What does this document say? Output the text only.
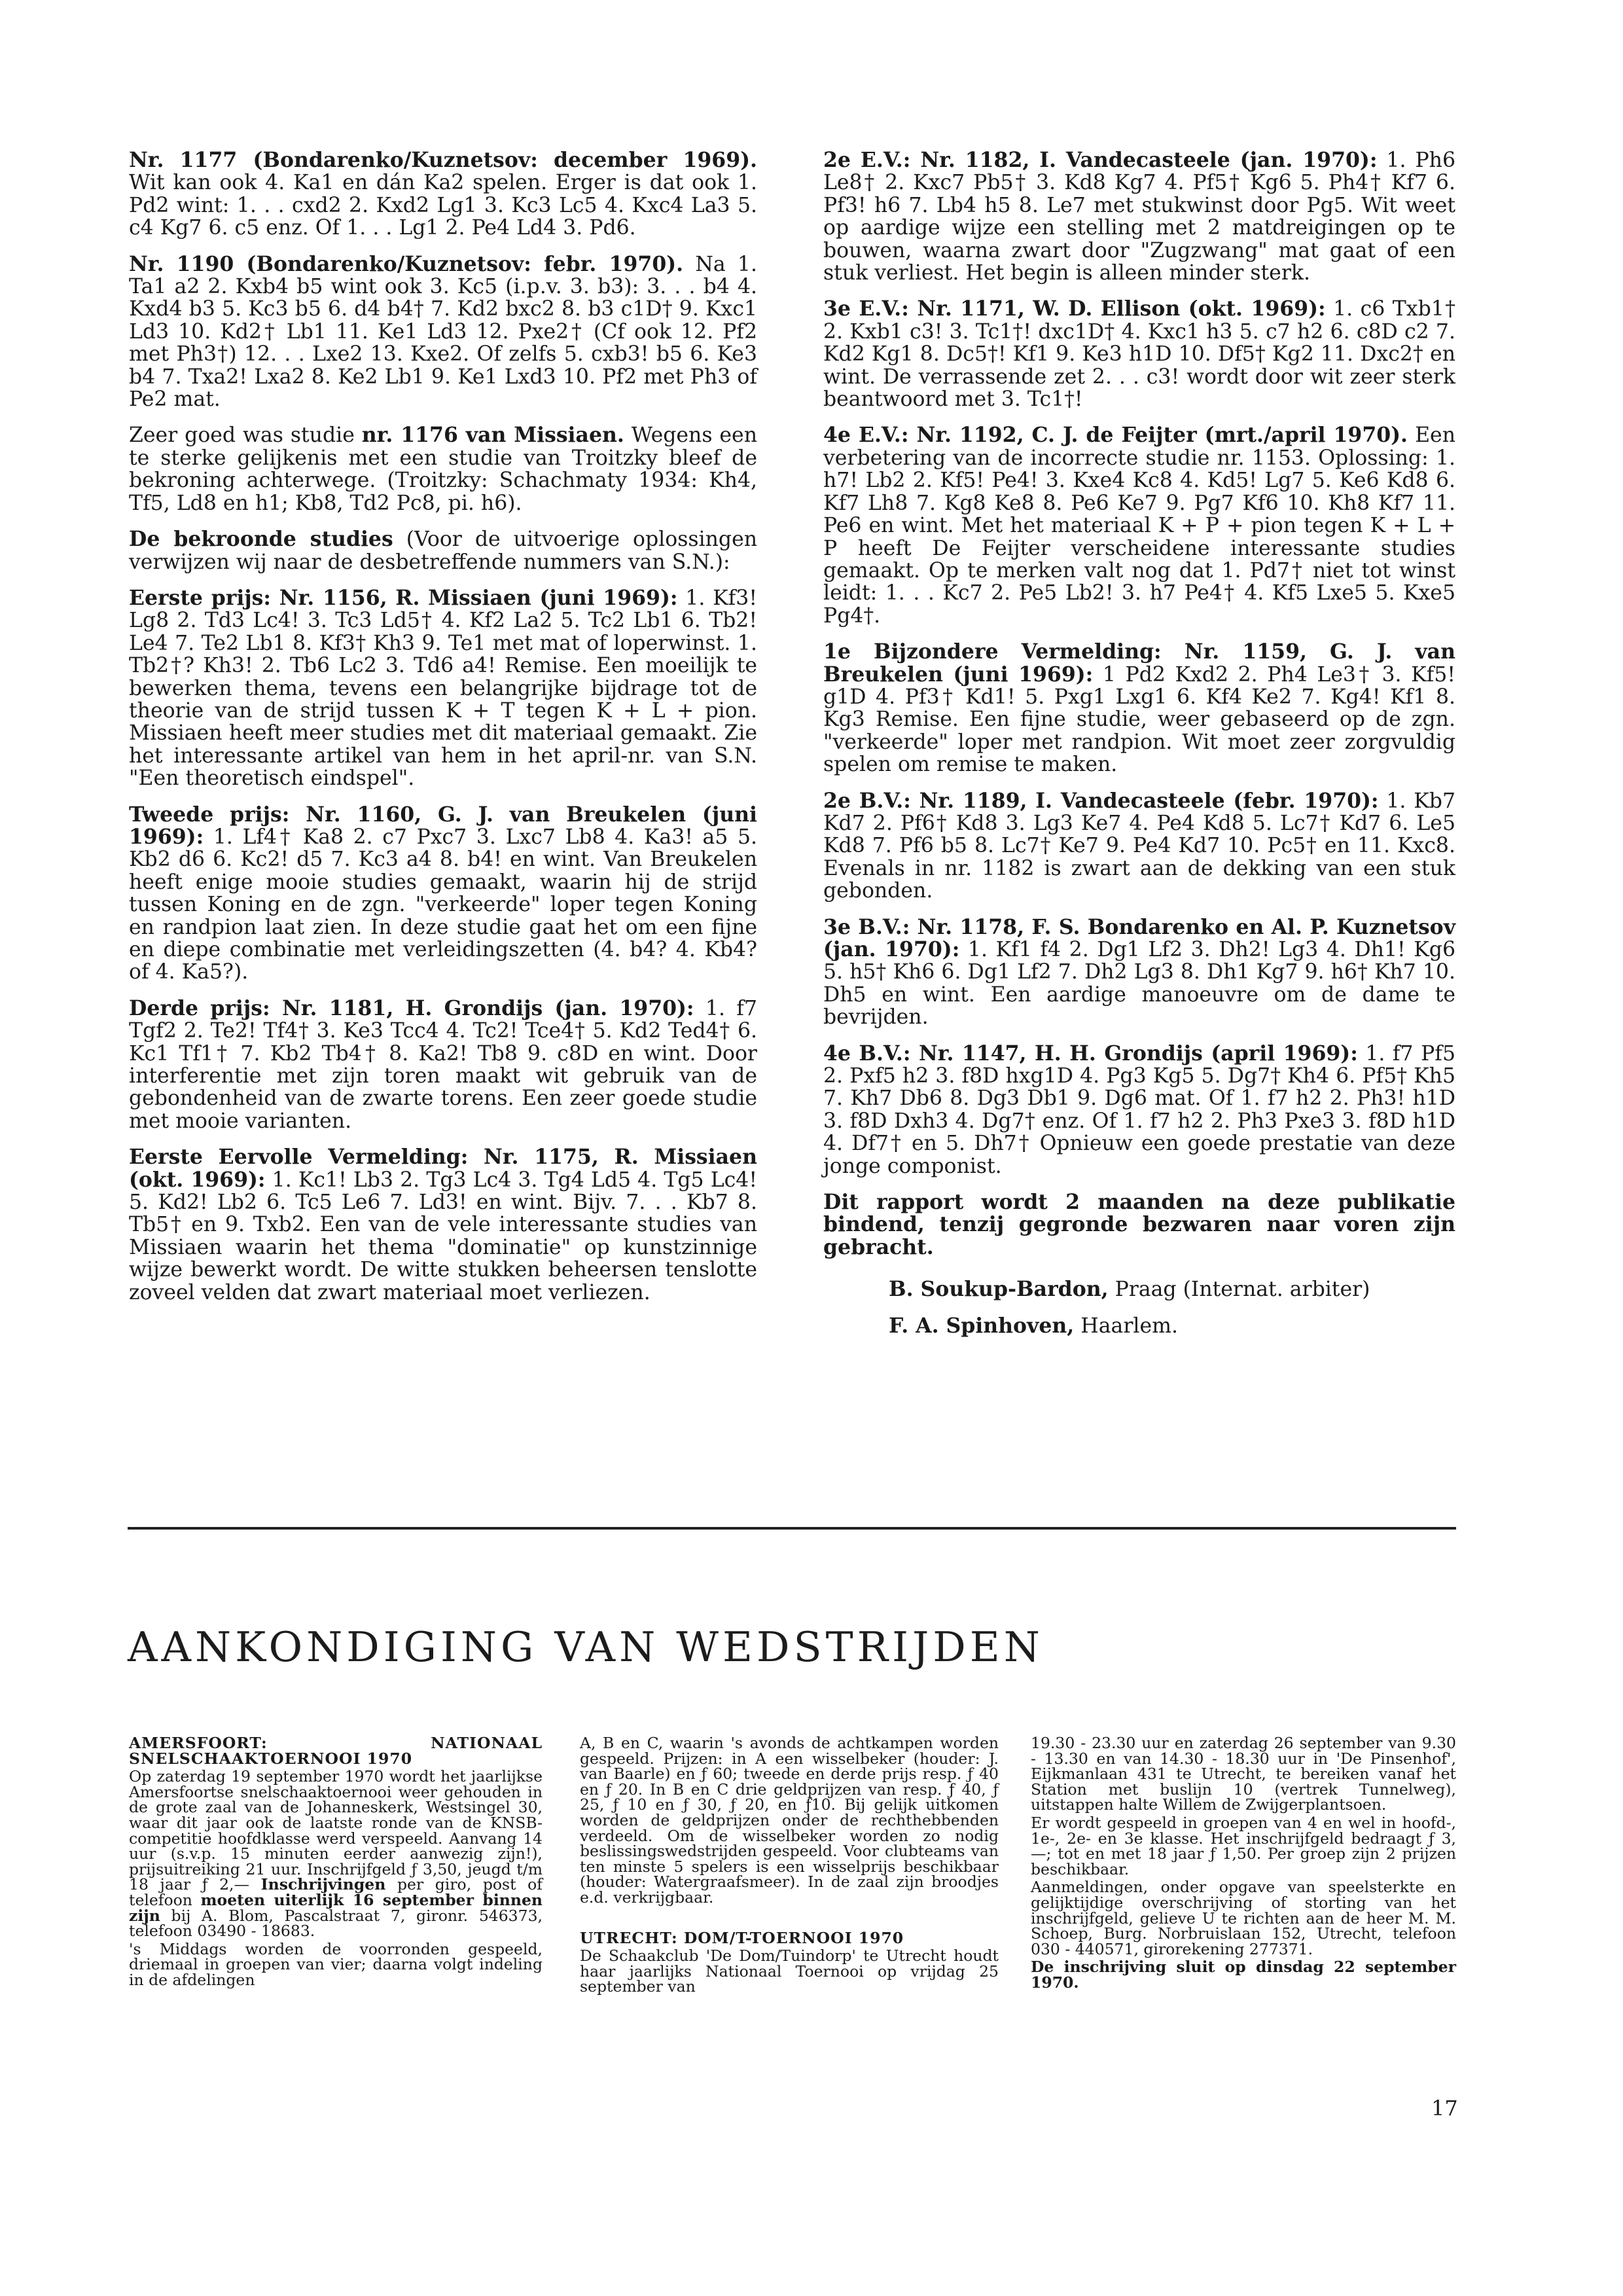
Nr. 1177 (Bondarenko/Kuznetsov: december 1969). Wit kan ook 4. Ka1 en dán Ka2 spelen. Erger is dat ook 1. Pd2 wint: 1. . . cxd2 2. Kxd2 Lg1 3. Kc3 Lc5 4. Kxc4 La3 5. c4 Kg7 6. c5 enz. Of 1. . . Lg1 2. Pe4 Ld4 3. Pd6.

Nr. 1190 (Bondarenko/Kuznetsov: febr. 1970). Na 1. Ta1 a2 2. Kxb4 b5 wint ook 3. Kc5 (i.p.v. 3. b3): 3. . . b4 4. Kxd4 b3 5. Kc3 b5 6. d4 b4† 7. Kd2 bxc2 8. b3 c1D† 9. Kxc1 Ld3 10. Kd2† Lb1 11. Ke1 Ld3 12. Pxe2† (Cf ook 12. Pf2 met Ph3†) 12. . . Lxe2 13. Kxe2. Of zelfs 5. cxb3! b5 6. Ke3 b4 7. Txa2! Lxa2 8. Ke2 Lb1 9. Ke1 Lxd3 10. Pf2 met Ph3 of Pe2 mat.

Zeer goed was studie nr. 1176 van Missiaen. Wegens een te sterke gelijkenis met een studie van Troitzky bleef de bekroning achterwege. (Troitzky: Schachmaty 1934: Kh4, Tf5, Ld8 en h1; Kb8, Td2 Pc8, pi. h6).

De bekroonde studies (Voor de uitvoerige oplossingen verwijzen wij naar de desbetreffende nummers van S.N.):

Eerste prijs: Nr. 1156, R. Missiaen (juni 1969): 1. Kf3! Lg8 2. Td3 Lc4! 3. Tc3 Ld5† 4. Kf2 La2 5. Tc2 Lb1 6. Tb2! Le4 7. Te2 Lb1 8. Kf3† Kh3 9. Te1 met mat of loperwinst. 1. Tb2†? Kh3! 2. Tb6 Lc2 3. Td6 a4! Remise. Een moeilijk te bewerken thema, tevens een belangrijke bijdrage tot de theorie van de strijd tussen K + T tegen K + L + pion. Missiaen heeft meer studies met dit materiaal gemaakt. Zie het interessante artikel van hem in het april-nr. van S.N. "Een theoretisch eindspel".

Tweede prijs: Nr. 1160, G. J. van Breukelen (juni 1969): 1. Lf4† Ka8 2. c7 Pxc7 3. Lxc7 Lb8 4. Ka3! a5 5. Kb2 d6 6. Kc2! d5 7. Kc3 a4 8. b4! en wint. Van Breukelen heeft enige mooie studies gemaakt, waarin hij de strijd tussen Koning en de zgn. "verkeerde" loper tegen Koning en randpion laat zien. In deze studie gaat het om een fijne en diepe combinatie met verleidingszetten (4. b4? 4. Kb4? of 4. Ka5?).

Derde prijs: Nr. 1181, H. Grondijs (jan. 1970): 1. f7 Tgf2 2. Te2! Tf4† 3. Ke3 Tcc4 4. Tc2! Tce4† 5. Kd2 Ted4† 6. Kc1 Tf1† 7. Kb2 Tb4† 8. Ka2! Tb8 9. c8D en wint. Door interferentie met zijn toren maakt wit gebruik van de gebondenheid van de zwarte torens. Een zeer goede studie met mooie varianten.

Eerste Eervolle Vermelding: Nr. 1175, R. Missiaen (okt. 1969): 1. Kc1! Lb3 2. Tg3 Lc4 3. Tg4 Ld5 4. Tg5 Lc4! 5. Kd2! Lb2 6. Tc5 Le6 7. Ld3! en wint. Bijv. 7. . . Kb7 8. Tb5† en 9. Txb2. Een van de vele interessante studies van Missiaen waarin het thema "dominatie" op kunstzinnige wijze bewerkt wordt. De witte stukken beheersen tenslotte zoveel velden dat zwart materiaal moet verliezen.

2e E.V.: Nr. 1182, I. Vandecasteele (jan. 1970): 1. Ph6 Le8† 2. Kxc7 Pb5† 3. Kd8 Kg7 4. Pf5† Kg6 5. Ph4† Kf7 6. Pf3! h6 7. Lb4 h5 8. Le7 met stukwinst door Pg5. Wit weet op aardige wijze een stelling met 2 matdreigingen op te bouwen, waarna zwart door "Zugzwang" mat gaat of een stuk verliest. Het begin is alleen minder sterk.

3e E.V.: Nr. 1171, W. D. Ellison (okt. 1969): 1. c6 Txb1† 2. Kxb1 c3! 3. Tc1†! dxc1D† 4. Kxc1 h3 5. c7 h2 6. c8D c2 7. Kd2 Kg1 8. Dc5†! Kf1 9. Ke3 h1D 10. Df5† Kg2 11. Dxc2† en wint. De verrassende zet 2. . . c3! wordt door wit zeer sterk beantwoord met 3. Tc1†!

4e E.V.: Nr. 1192, C. J. de Feijter (mrt./april 1970). Een verbetering van de incorrecte studie nr. 1153. Oplossing: 1. h7! Lb2 2. Kf5! Pe4! 3. Kxe4 Kc8 4. Kd5! Lg7 5. Ke6 Kd8 6. Kf7 Lh8 7. Kg8 Ke8 8. Pe6 Ke7 9. Pg7 Kf6 10. Kh8 Kf7 11. Pe6 en wint. Met het materiaal K + P + pion tegen K + L + P heeft De Feijter verscheidene interessante studies gemaakt. Op te merken valt nog dat 1. Pd7† niet tot winst leidt: 1. . . Kc7 2. Pe5 Lb2! 3. h7 Pe4† 4. Kf5 Lxe5 5. Kxe5 Pg4†.

1e Bijzondere Vermelding: Nr. 1159, G. J. van Breukelen (juni 1969): 1 Pd2 Kxd2 2. Ph4 Le3† 3. Kf5! g1D 4. Pf3† Kd1! 5. Pxg1 Lxg1 6. Kf4 Ke2 7. Kg4! Kf1 8. Kg3 Remise. Een fijne studie, weer gebaseerd op de zgn. "verkeerde" loper met randpion. Wit moet zeer zorgvuldig spelen om remise te maken.

2e B.V.: Nr. 1189, I. Vandecasteele (febr. 1970): 1. Kb7 Kd7 2. Pf6† Kd8 3. Lg3 Ke7 4. Pe4 Kd8 5. Lc7† Kd7 6. Le5 Kd8 7. Pf6 b5 8. Lc7† Ke7 9. Pe4 Kd7 10. Pc5† en 11. Kxc8. Evenals in nr. 1182 is zwart aan de dekking van een stuk gebonden.

3e B.V.: Nr. 1178, F. S. Bondarenko en Al. P. Kuznetsov (jan. 1970): 1. Kf1 f4 2. Dg1 Lf2 3. Dh2! Lg3 4. Dh1! Kg6 5. h5† Kh6 6. Dg1 Lf2 7. Dh2 Lg3 8. Dh1 Kg7 9. h6† Kh7 10. Dh5 en wint. Een aardige manoeuvre om de dame te bevrijden.

4e B.V.: Nr. 1147, H. H. Grondijs (april 1969): 1. f7 Pf5 2. Pxf5 h2 3. f8D hxg1D 4. Pg3 Kg5 5. Dg7† Kh4 6. Pf5† Kh5 7. Kh7 Db6 8. Dg3 Db1 9. Dg6 mat. Of 1. f7 h2 2. Ph3! h1D 3. f8D Dxh3 4. Dg7† enz. Of 1. f7 h2 2. Ph3 Pxe3 3. f8D h1D 4. Df7† en 5. Dh7† Opnieuw een goede prestatie van deze jonge componist.

Dit rapport wordt 2 maanden na deze publikatie bindend, tenzij gegronde bezwaren naar voren zijn gebracht.

B. Soukup-Bardon, Praag (Internat. arbiter)

F. A. Spinhoven, Haarlem.

AANKONDIGING VAN WEDSTRIJDEN

AMERSFOORT: NATIONAAL SNELSCHAAKTOERNOOI 1970

Op zaterdag 19 september 1970 wordt het jaarlijkse Amersfoortse snelschaaktoernooi weer gehouden in de grote zaal van de Johanneskerk, Westsingel 30, waar dit jaar ook de laatste ronde van de KNSB-competitie hoofdklasse werd verspeeld. Aanvang 14 uur (s.v.p. 15 minuten eerder aanwezig zijn!), prijsuitreiking 21 uur. Inschrijfgeld ƒ 3,50, jeugd t/m 18 jaar ƒ 2,— Inschrijvingen per giro, post of telefoon moeten uiterlijk 16 september binnen zijn bij A. Blom, Pascalstraat 7, gironr. 546373, telefoon 03490 - 18683.

's Middags worden de voorronden gespeeld, driemaal in groepen van vier; daarna volgt indeling in de afdelingen

A, B en C, waarin 's avonds de achtkampen worden gespeeld. Prijzen: in A een wisselbeker (houder: J. van Baarle) en ƒ 60; tweede en derde prijs resp. ƒ 40 en ƒ 20. In B en C drie geldprijzen van resp. ƒ 40, ƒ 25, ƒ 10 en ƒ 30, ƒ 20, en ƒ10. Bij gelijk uitkomen worden de geldprijzen onder de rechthebbenden verdeeld. Om de wisselbeker worden zo nodig beslissingswedstrijden gespeeld. Voor clubteams van ten minste 5 spelers is een wisselprijs beschikbaar (houder: Watergraafsmeer). In de zaal zijn broodjes e.d. verkrijgbaar.

UTRECHT: DOM/T-TOERNOOI 1970

De Schaakclub 'De Dom/Tuindorp' te Utrecht houdt haar jaarlijks Nationaal Toernooi op vrijdag 25 september van

19.30 - 23.30 uur en zaterdag 26 september van 9.30 - 13.30 en van 14.30 - 18.30 uur in 'De Pinsenhof', Eijkmanlaan 431 te Utrecht, te bereiken vanaf het Station met buslijn 10 (vertrek Tunnelweg), uitstappen halte Willem de Zwijgerplantsoen.

Er wordt gespeeld in groepen van 4 en wel in hoofd-, 1e-, 2e- en 3e klasse. Het inschrijfgeld bedraagt ƒ 3,—; tot en met 18 jaar ƒ 1,50. Per groep zijn 2 prijzen beschikbaar.

Aanmeldingen, onder opgave van speelsterkte en gelijktijdige overschrijving of storting van het inschrijfgeld, gelieve U te richten aan de heer M. M. Schoep, Burg. Norbruislaan 152, Utrecht, telefoon 030 - 440571, girorekening 277371.

De inschrijving sluit op dinsdag 22 september 1970.

17
